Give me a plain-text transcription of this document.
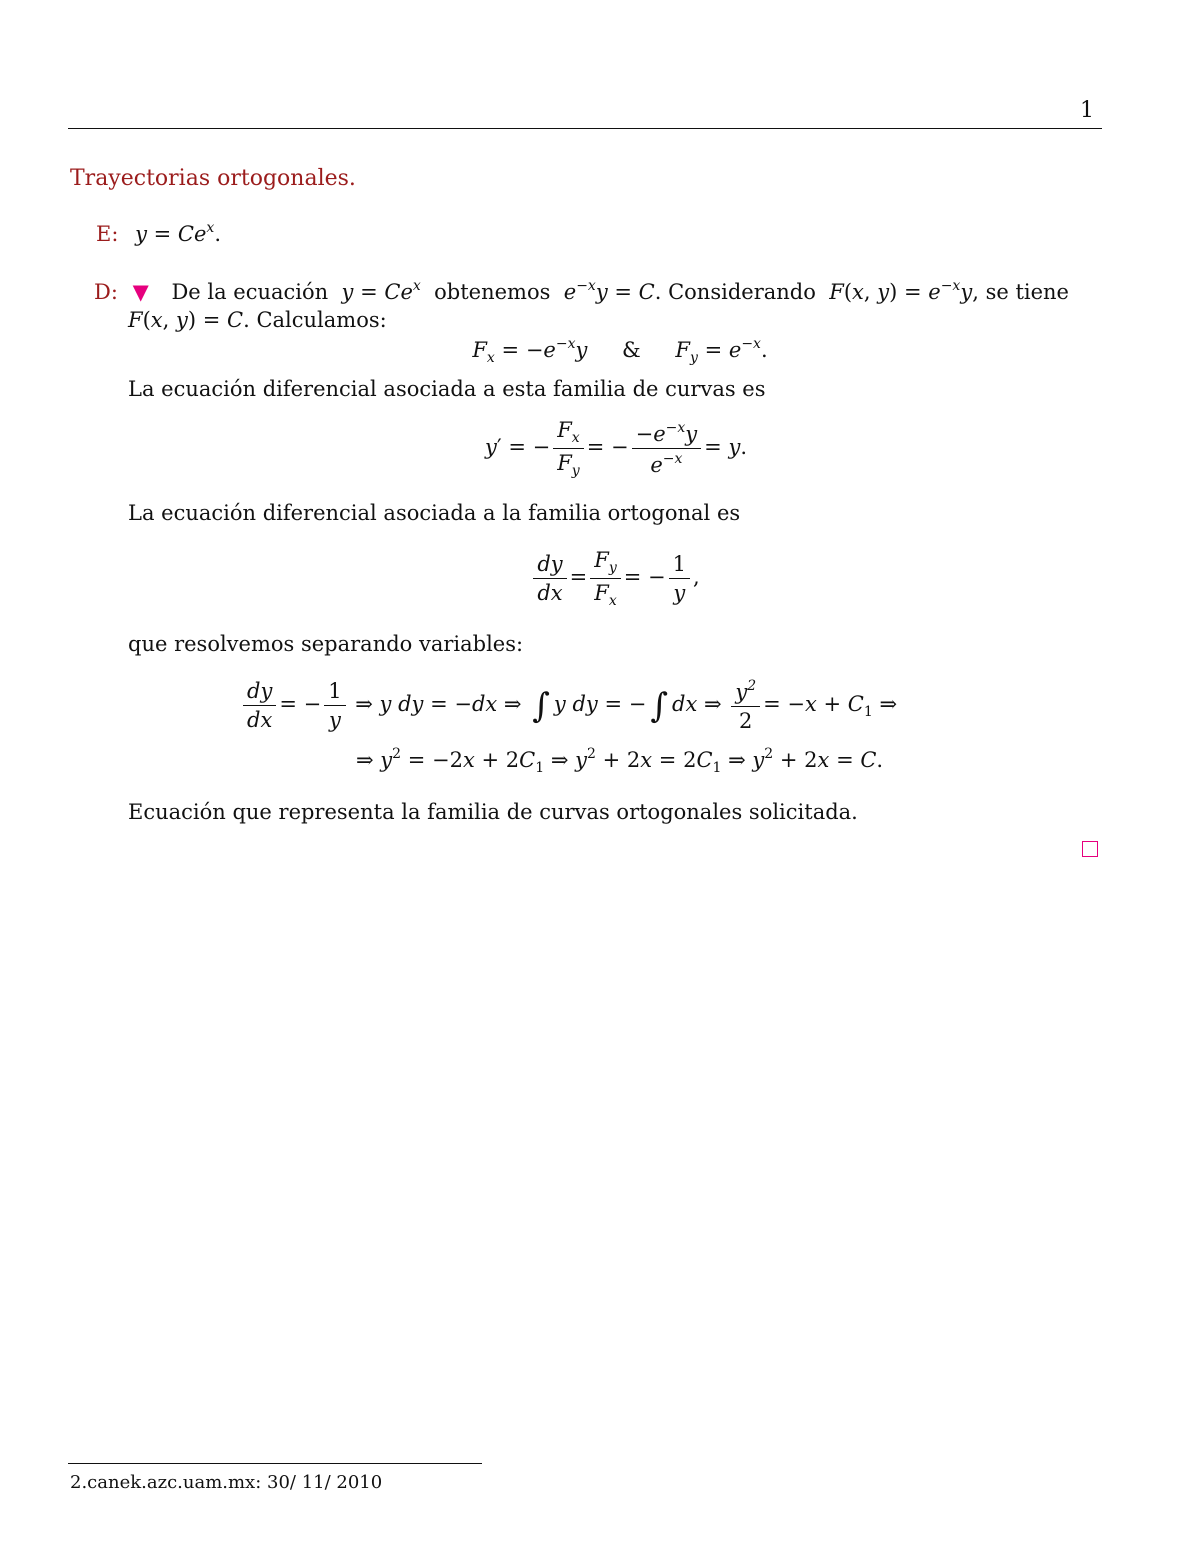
1
Trayectorias ortogonales.
E: $y = Ce^x$.
D: ▼ De la ecuación  $y = Ce^x$ obtenemos  $e^{-x}y = C$. Considerando  F(x, $y) = e^{-x}y$, se tiene
F(x, y) = C. Calculamos:
$F_x = -e^{-x}y$ & $F_y = e^{-x}$.
La ecuación diferencial asociada a esta familia de curvas es
y′ = − $\frac{F_x}{F_y}$ = − $\frac{-e^{-x}y}{e^{-x}} = y$.
La ecuación diferencial asociada a la familia ortogonal es
$\frac{dy}{dx} = \frac{F_y}{F_x}$ = − $\frac{1}{y}$ ,
que resolvemos separando variables:
$\frac{dy}{dx}$ = − $\frac{1}{y}$ ⇒ y dy = −dx ⇒ ∫ y dy = − ∫ dx ⇒ $\frac{y^2}{2} = -x + C_1$ ⇒
⇒ $y^2 = -2x + 2C_1$ ⇒ $y^2 + 2x = 2C_1$ ⇒ $y^2 + 2x = C$.
Ecuación que representa la familia de curvas ortogonales solicitada.
2.canek.azc.uam.mx: 30/ 11/ 2010
